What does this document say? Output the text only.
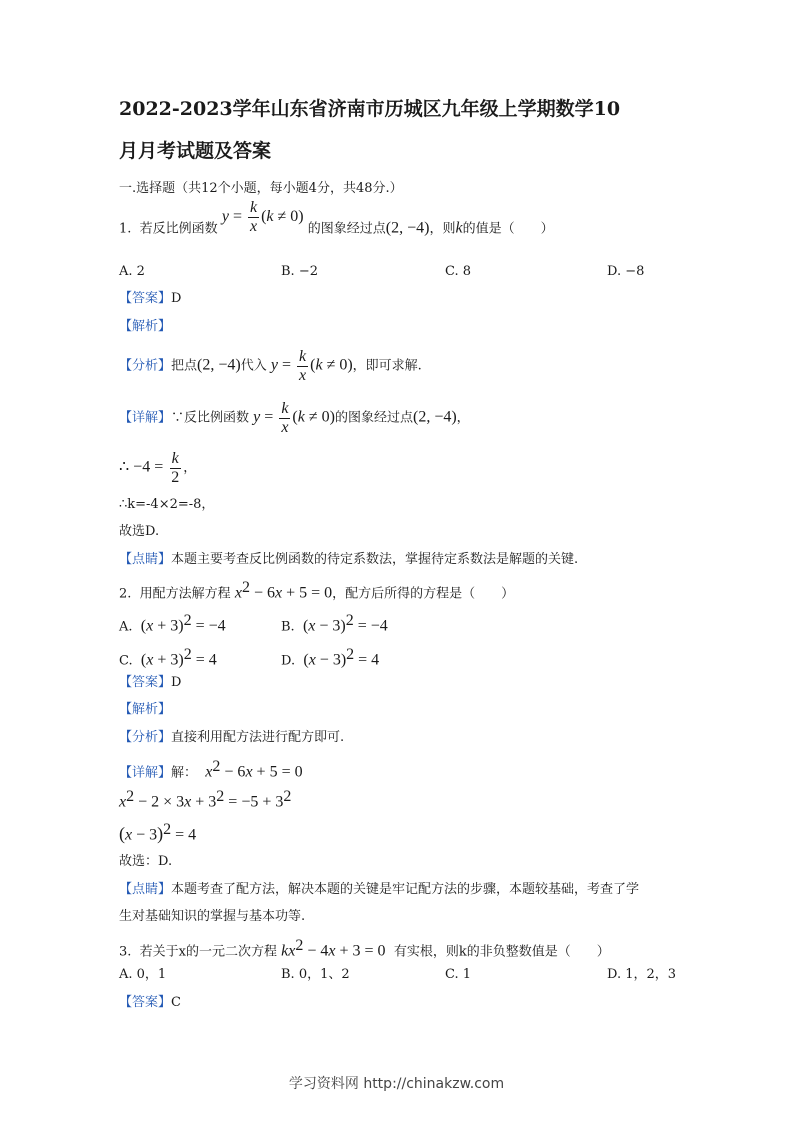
2022-2023学年山东省济南市历城区九年级上学期数学10
月月考试题及答案
一.选择题（共12个小题，每小题4分，共48分.）
1. 若反比例函数 $y = \frac{k}{x} (k \ne 0)$ 的图象经过点(2, −4)，则k的值是（　　）
A. 2	B. −2	C. 8	D. −8
【答案】D
【解析】
【分析】把点(2, −4)代入 $y = \frac{k}{x} (k \ne 0)$，即可求解.
【详解】∵反比例函数 $y = \frac{k}{x} (k \ne 0)$的图象经过点(2, −4)，
∴ $-4 = \frac{k}{2}$ ，
∴k=-4×2=-8，
故选D.
【点睛】本题主要考查反比例函数的待定系数法，掌握待定系数法是解题的关键.
2. 用配方法解方程 $x^2 - 6x + 5 = 0$，配方后所得的方程是（　　）
A.  $(x + 3)^2 = -4$	B.  $(x - 3)^2 = -4$
C.  $(x + 3)^2 = 4$	D.  $(x - 3)^2 = 4$
【答案】D
【解析】
【分析】直接利用配方法进行配方即可.
【详解】解： $x^2 - 6x + 5 = 0$
$x^2 - 2 \times 3x + 3^2 = -5 + 3^2$
$(x - 3)^2 = 4$
故选：D.
【点睛】本题考查了配方法，解决本题的关键是牢记配方法的步骤，本题较基础，考查了学
生对基础知识的掌握与基本功等.
3. 若关于x的一元二次方程 $kx^2 - 4x + 3 = 0$ 有实根，则k的非负整数值是（　　）
A. 0，1	B. 0，1、2	C. 1	D. 1，2，3
【答案】C
学习资料网 http://chinakzw.com
